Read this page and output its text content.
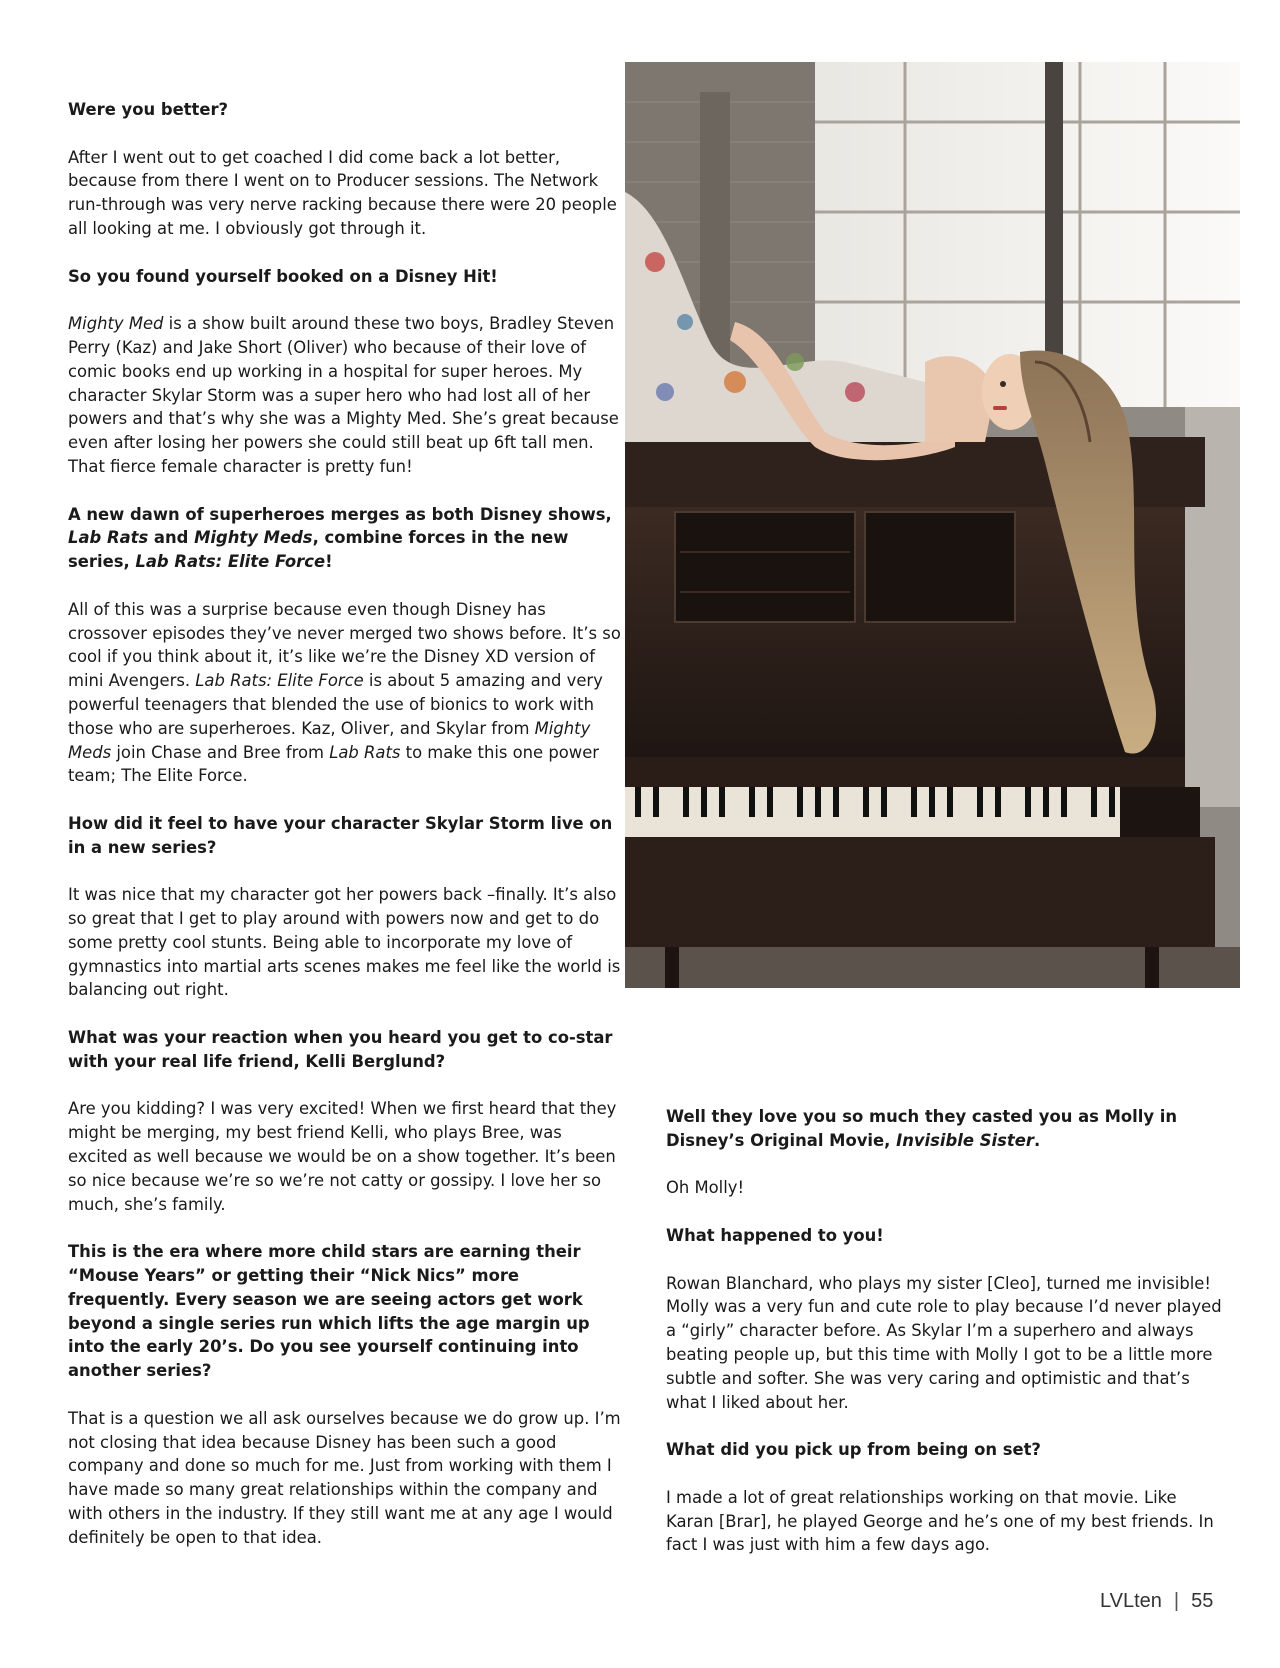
Were you better?

After I went out to get coached I did come back a lot better, because from there I went on to Producer sessions. The Network run-through was very nerve racking because there were 20 people all looking at me. I obviously got through it.

So you found yourself booked on a Disney Hit!

Mighty Med is a show built around these two boys, Bradley Steven Perry (Kaz) and Jake Short (Oliver) who because of their love of comic books end up working in a hospital for super heroes. My character Skylar Storm was a super hero who had lost all of her powers and that’s why she was a Mighty Med. She’s great because even after losing her powers she could still beat up 6ft tall men. That fierce female character is pretty fun!

A new dawn of superheroes merges as both Disney shows, Lab Rats and Mighty Meds, combine forces in the new series, Lab Rats: Elite Force!

All of this was a surprise because even though Disney has crossover episodes they’ve never merged two shows before. It’s so cool if you think about it, it’s like we’re the Disney XD version of mini Avengers. Lab Rats: Elite Force is about 5 amazing and very powerful teenagers that blended the use of bionics to work with those who are superheroes. Kaz, Oliver, and Skylar from Mighty Meds join Chase and Bree from Lab Rats to make this one power team; The Elite Force.

How did it feel to have your character Skylar Storm live on in a new series?

It was nice that my character got her powers back –finally. It’s also so great that I get to play around with powers now and get to do some pretty cool stunts. Being able to incorporate my love of gymnastics into martial arts scenes makes me feel like the world is balancing out right.

What was your reaction when you heard you get to co-star with your real life friend, Kelli Berglund?

Are you kidding? I was very excited! When we first heard that they might be merging, my best friend Kelli, who plays Bree, was excited as well because we would be on a show together. It’s been so nice because we’re so we’re not catty or gossipy. I love her so much, she’s family.

This is the era where more child stars are earning their “Mouse Years” or getting their “Nick Nics” more frequently. Every season we are seeing actors get work beyond a single series run which lifts the age margin up into the early 20’s. Do you see yourself continuing into another series?

That is a question we all ask ourselves because we do grow up. I’m not closing that idea because Disney has been such a good company and done so much for me. Just from working with them I have made so many great relationships within the company and with others in the industry. If they still want me at any age I would definitely be open to that idea.

Well they love you so much they casted you as Molly in Disney’s Original Movie, Invisible Sister.

Oh Molly!

What happened to you!

Rowan Blanchard, who plays my sister [Cleo], turned me invisible! Molly was a very fun and cute role to play because I’d never played a “girly” character before. As Skylar I’m a superhero and always beating people up, but this time with Molly I got to be a little more subtle and softer. She was very caring and optimistic and that’s what I liked about her.

What did you pick up from being on set?

I made a lot of great relationships working on that movie. Like Karan [Brar], he played George and he’s one of my best friends. In fact I was just with him a few days ago.

LVLten | 55
